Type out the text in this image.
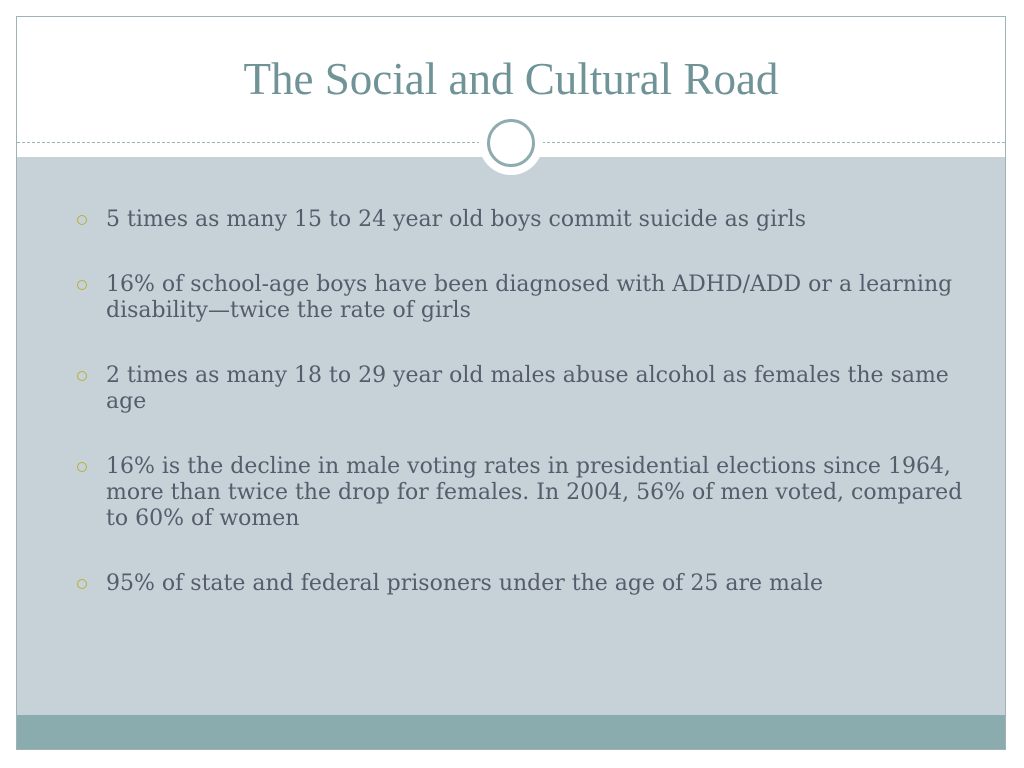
The Social and Cultural Road
5 times as many 15 to 24 year old boys commit suicide as girls
16% of school-age boys have been diagnosed with ADHD/ADD or a learning disability—twice the rate of girls
2 times as many 18 to 29 year old males abuse alcohol as females the same age
16% is the decline in male voting rates in presidential elections since 1964, more than twice the drop for females. In 2004, 56% of men voted, compared to 60% of women
95% of state and federal prisoners under the age of 25 are male
